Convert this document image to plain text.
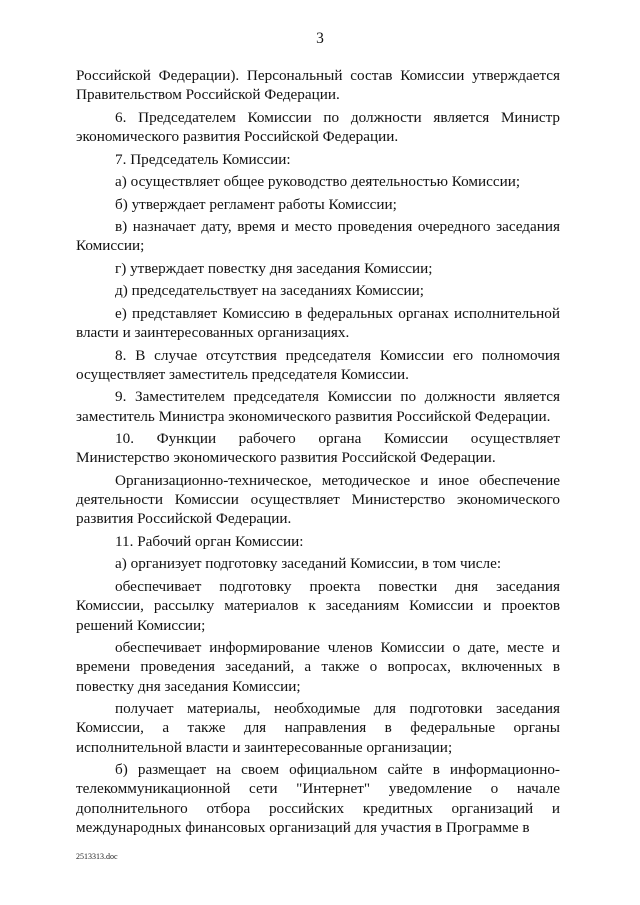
3

Российской Федерации). Персональный состав Комиссии утверждается Правительством Российской Федерации.

6. Председателем Комиссии по должности является Министр экономического развития Российской Федерации.

7. Председатель Комиссии:

а) осуществляет общее руководство деятельностью Комиссии;

б) утверждает регламент работы Комиссии;

в) назначает дату, время и место проведения очередного заседания Комиссии;

г) утверждает повестку дня заседания Комиссии;

д) председательствует на заседаниях Комиссии;

е) представляет Комиссию в федеральных органах исполнительной власти и заинтересованных организациях.

8. В случае отсутствия председателя Комиссии его полномочия осуществляет заместитель председателя Комиссии.

9. Заместителем председателя Комиссии по должности является заместитель Министра экономического развития Российской Федерации.

10. Функции рабочего органа Комиссии осуществляет Министерство экономического развития Российской Федерации.

Организационно-техническое, методическое и иное обеспечение деятельности Комиссии осуществляет Министерство экономического развития Российской Федерации.

11. Рабочий орган Комиссии:

а) организует подготовку заседаний Комиссии, в том числе:

обеспечивает подготовку проекта повестки дня заседания Комиссии, рассылку материалов к заседаниям Комиссии и проектов решений Комиссии;

обеспечивает информирование членов Комиссии о дате, месте и времени проведения заседаний, а также о вопросах, включенных в повестку дня заседания Комиссии;

получает материалы, необходимые для подготовки заседания Комиссии, а также для направления в федеральные органы исполнительной власти и заинтересованные организации;

б) размещает на своем официальном сайте в информационно-телекоммуникационной сети "Интернет" уведомление о начале дополнительного отбора российских кредитных организаций и международных финансовых организаций для участия в Программе в

2513313.doc
